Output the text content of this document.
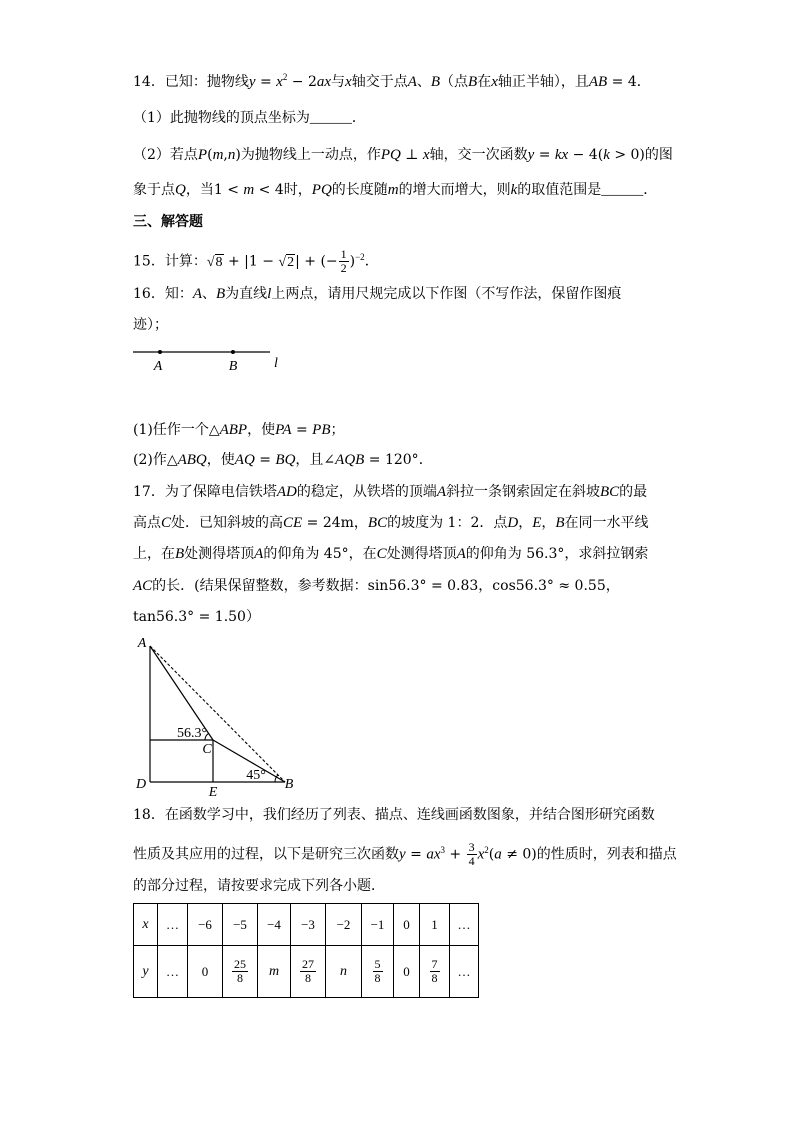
14．已知：抛物线$y = x^2 - 2ax$与x轴交于点A、B（点B在x轴正半轴），且AB = 4．
（1）此抛物线的顶点坐标为______．
（2）若点P(m,n)为抛物线上一动点，作PQ ⊥ x轴，交一次函数y = kx − 4(k > 0)的图
象于点Q，当1 < m < 4时，PQ的长度随m的增大而增大，则k的取值范围是______．
三、解答题
15．计算：√8 + |1 − √2| + (− $\frac{1}{2} )^{-2}$．
16．知：A、B为直线l上两点，请用尺规完成以下作图（不写作法，保留作图痕
迹）；
A	B	l
(1)任作一个△ABP，使PA = PB；
(2)作△ABQ，使AQ = BQ，且∠AQB = 120°．
17．为了保障电信铁塔AD的稳定，从铁塔的顶端A斜拉一条钢索固定在斜坡BC的最
高点C处．已知斜坡的高CE = 24m，BC的坡度为 1：2．点D，E，B在同一水平线
上，在B处测得塔顶A的仰角为 45°，在C处测得塔顶A的仰角为 56.3°，求斜拉钢索
AC的长．(结果保留整数，参考数据：sin56.3° = 0.83，cos56.3° ≈ 0.55，
tan56.3° = 1.50）
A
D
E
B
C
56.3°
45°
18．在函数学习中，我们经历了列表、描点、连线画函数图象，并结合图形研究函数
性质及其应用的过程，以下是研究三次函数$y = ax^3 + \frac{3}{4} x^2(a \ne 0)$的性质时，列表和描点
的部分过程，请按要求完成下列各小题．
x	…	−6	−5	−4	−3	−2	−1	0	1	…
y	…	0	$\frac{25}{8}$	m	$\frac{27}{8}$	n	$\frac{5}{8}$	0	$\frac{7}{8}$	…
